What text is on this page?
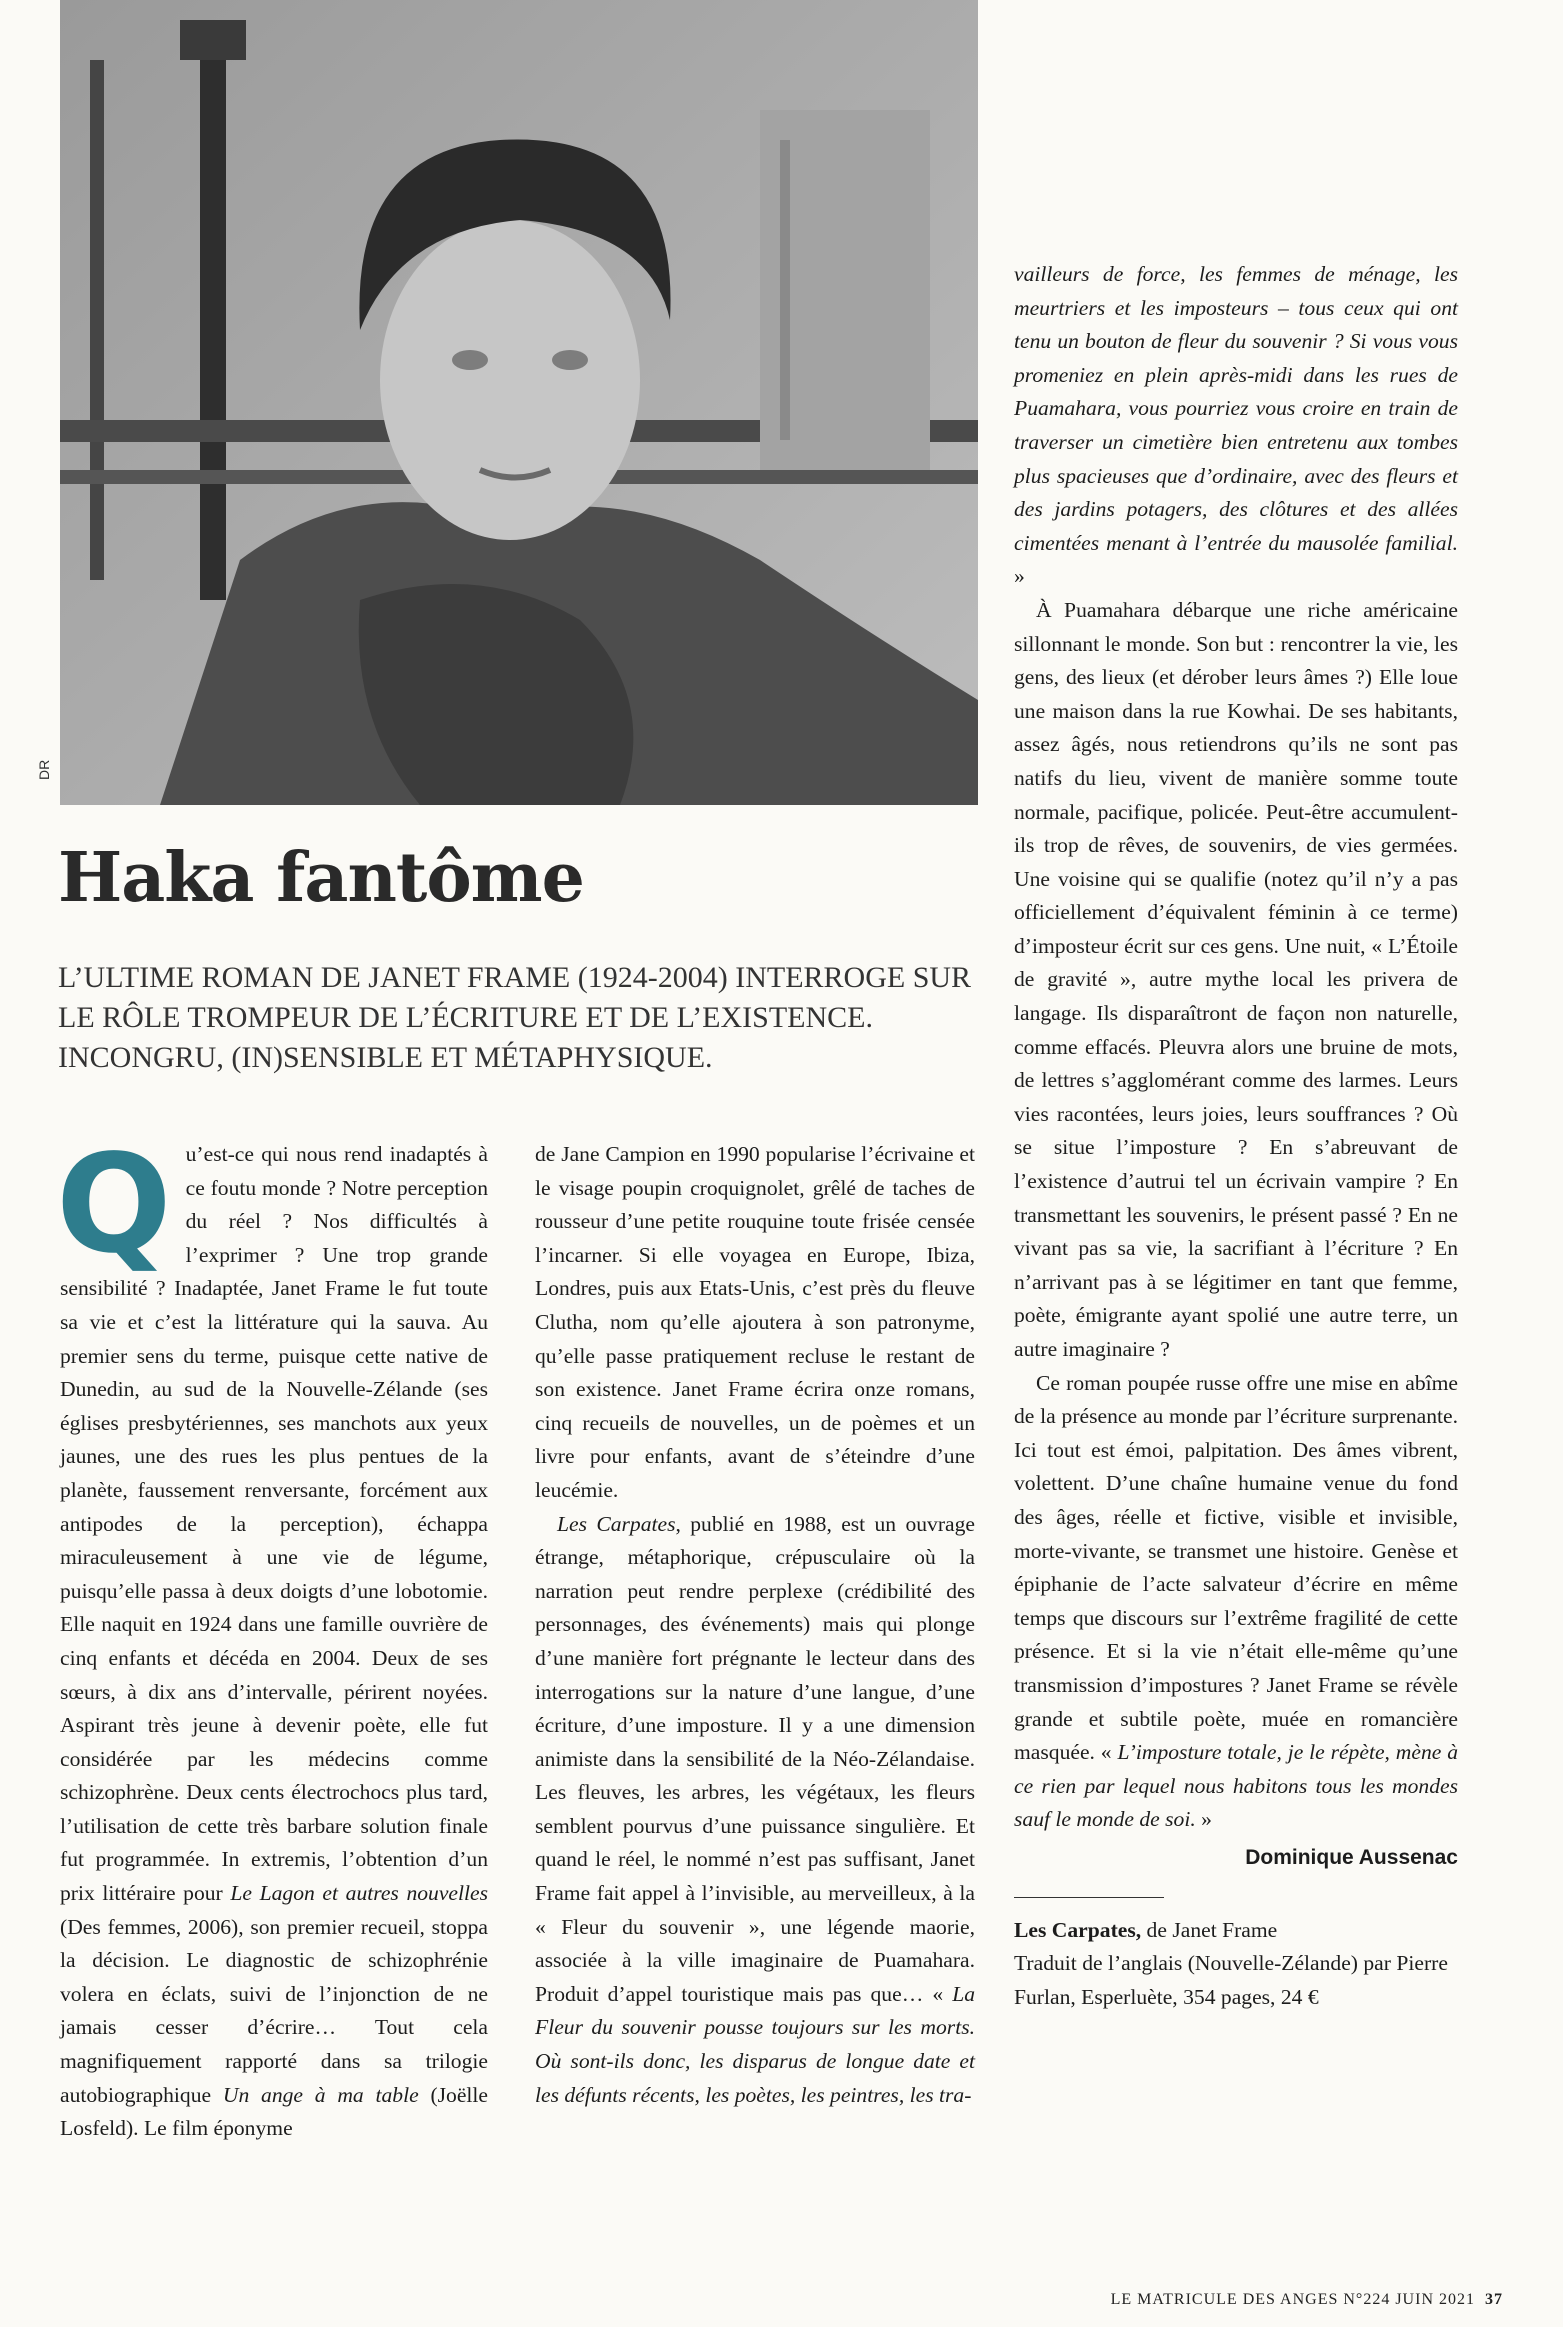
DR
Haka fantôme
L’ULTIME ROMAN DE JANET FRAME (1924-2004) INTERROGE SUR LE RÔLE TROMPEUR DE L’ÉCRITURE ET DE L’EXISTENCE. INCONGRU, (IN)SENSIBLE ET MÉTAPHYSIQUE.

Qu’est-ce qui nous rend inadaptés à ce foutu monde ? Notre perception du réel ? Nos difficultés à l’exprimer ? Une trop grande sensibilité ? Inadaptée, Janet Frame le fut toute sa vie et c’est la littérature qui la sauva. Au premier sens du terme, puisque cette native de Dunedin, au sud de la Nouvelle-Zélande (ses églises presbytériennes, ses manchots aux yeux jaunes, une des rues les plus pentues de la planète, faussement renversante, forcément aux antipodes de la perception), échappa miraculeusement à une vie de légume, puisqu’elle passa à deux doigts d’une lobotomie. Elle naquit en 1924 dans une famille ouvrière de cinq enfants et décéda en 2004. Deux de ses sœurs, à dix ans d’intervalle, périrent noyées. Aspirant très jeune à devenir poète, elle fut considérée par les médecins comme schizophrène. Deux cents électrochocs plus tard, l’utilisation de cette très barbare solution finale fut programmée. In extremis, l’obtention d’un prix littéraire pour Le Lagon et autres nouvelles (Des femmes, 2006), son premier recueil, stoppa la décision. Le diagnostic de schizophrénie volera en éclats, suivi de l’injonction de ne jamais cesser d’écrire… Tout cela magnifiquement rapporté dans sa trilogie autobiographique Un ange à ma table (Joëlle Losfeld). Le film éponyme

de Jane Campion en 1990 popularise l’écrivaine et le visage poupin croquignolet, grêlé de taches de rousseur d’une petite rouquine toute frisée censée l’incarner. Si elle voyagea en Europe, Ibiza, Londres, puis aux Etats-Unis, c’est près du fleuve Clutha, nom qu’elle ajoutera à son patronyme, qu’elle passe pratiquement recluse le restant de son existence. Janet Frame écrira onze romans, cinq recueils de nouvelles, un de poèmes et un livre pour enfants, avant de s’éteindre d’une leucémie.

Les Carpates, publié en 1988, est un ouvrage étrange, métaphorique, crépusculaire où la narration peut rendre perplexe (crédibilité des personnages, des événements) mais qui plonge d’une manière fort prégnante le lecteur dans des interrogations sur la nature d’une langue, d’une écriture, d’une imposture. Il y a une dimension animiste dans la sensibilité de la Néo-Zélandaise. Les fleuves, les arbres, les végétaux, les fleurs semblent pourvus d’une puissance singulière. Et quand le réel, le nommé n’est pas suffisant, Janet Frame fait appel à l’invisible, au merveilleux, à la « Fleur du souvenir », une légende maorie, associée à la ville imaginaire de Puamahara. Produit d’appel touristique mais pas que… « La Fleur du souvenir pousse toujours sur les morts. Où sont-ils donc, les disparus de longue date et les défunts récents, les poètes, les peintres, les tra-

vailleurs de force, les femmes de ménage, les meurtriers et les imposteurs – tous ceux qui ont tenu un bouton de fleur du souvenir ? Si vous vous promeniez en plein après-midi dans les rues de Puamahara, vous pourriez vous croire en train de traverser un cimetière bien entretenu aux tombes plus spacieuses que d’ordinaire, avec des fleurs et des jardins potagers, des clôtures et des allées cimentées menant à l’entrée du mausolée familial. »

À Puamahara débarque une riche américaine sillonnant le monde. Son but : rencontrer la vie, les gens, des lieux (et dérober leurs âmes ?) Elle loue une maison dans la rue Kowhai. De ses habitants, assez âgés, nous retiendrons qu’ils ne sont pas natifs du lieu, vivent de manière somme toute normale, pacifique, policée. Peut-être accumulent-ils trop de rêves, de souvenirs, de vies germées. Une voisine qui se qualifie (notez qu’il n’y a pas officiellement d’équivalent féminin à ce terme) d’imposteur écrit sur ces gens. Une nuit, « L’Étoile de gravité », autre mythe local les privera de langage. Ils disparaîtront de façon non naturelle, comme effacés. Pleuvra alors une bruine de mots, de lettres s’agglomérant comme des larmes. Leurs vies racontées, leurs joies, leurs souffrances ? Où se situe l’imposture ? En s’abreuvant de l’existence d’autrui tel un écrivain vampire ? En transmettant les souvenirs, le présent passé ? En ne vivant pas sa vie, la sacrifiant à l’écriture ? En n’arrivant pas à se légitimer en tant que femme, poète, émigrante ayant spolié une autre terre, un autre imaginaire ?

Ce roman poupée russe offre une mise en abîme de la présence au monde par l’écriture surprenante. Ici tout est émoi, palpitation. Des âmes vibrent, volettent. D’une chaîne humaine venue du fond des âges, réelle et fictive, visible et invisible, morte-vivante, se transmet une histoire. Genèse et épiphanie de l’acte salvateur d’écrire en même temps que discours sur l’extrême fragilité de cette présence. Et si la vie n’était elle-même qu’une transmission d’impostures ? Janet Frame se révèle grande et subtile poète, muée en romancière masquée. « L’imposture totale, je le répète, mène à ce rien par lequel nous habitons tous les mondes sauf le monde de soi. »

Dominique Aussenac

Les Carpates, de Janet Frame
Traduit de l’anglais (Nouvelle-Zélande) par Pierre Furlan, Esperluète, 354 pages, 24 €
LE MATRICULE DES ANGES N°224 JUIN 2021 37
